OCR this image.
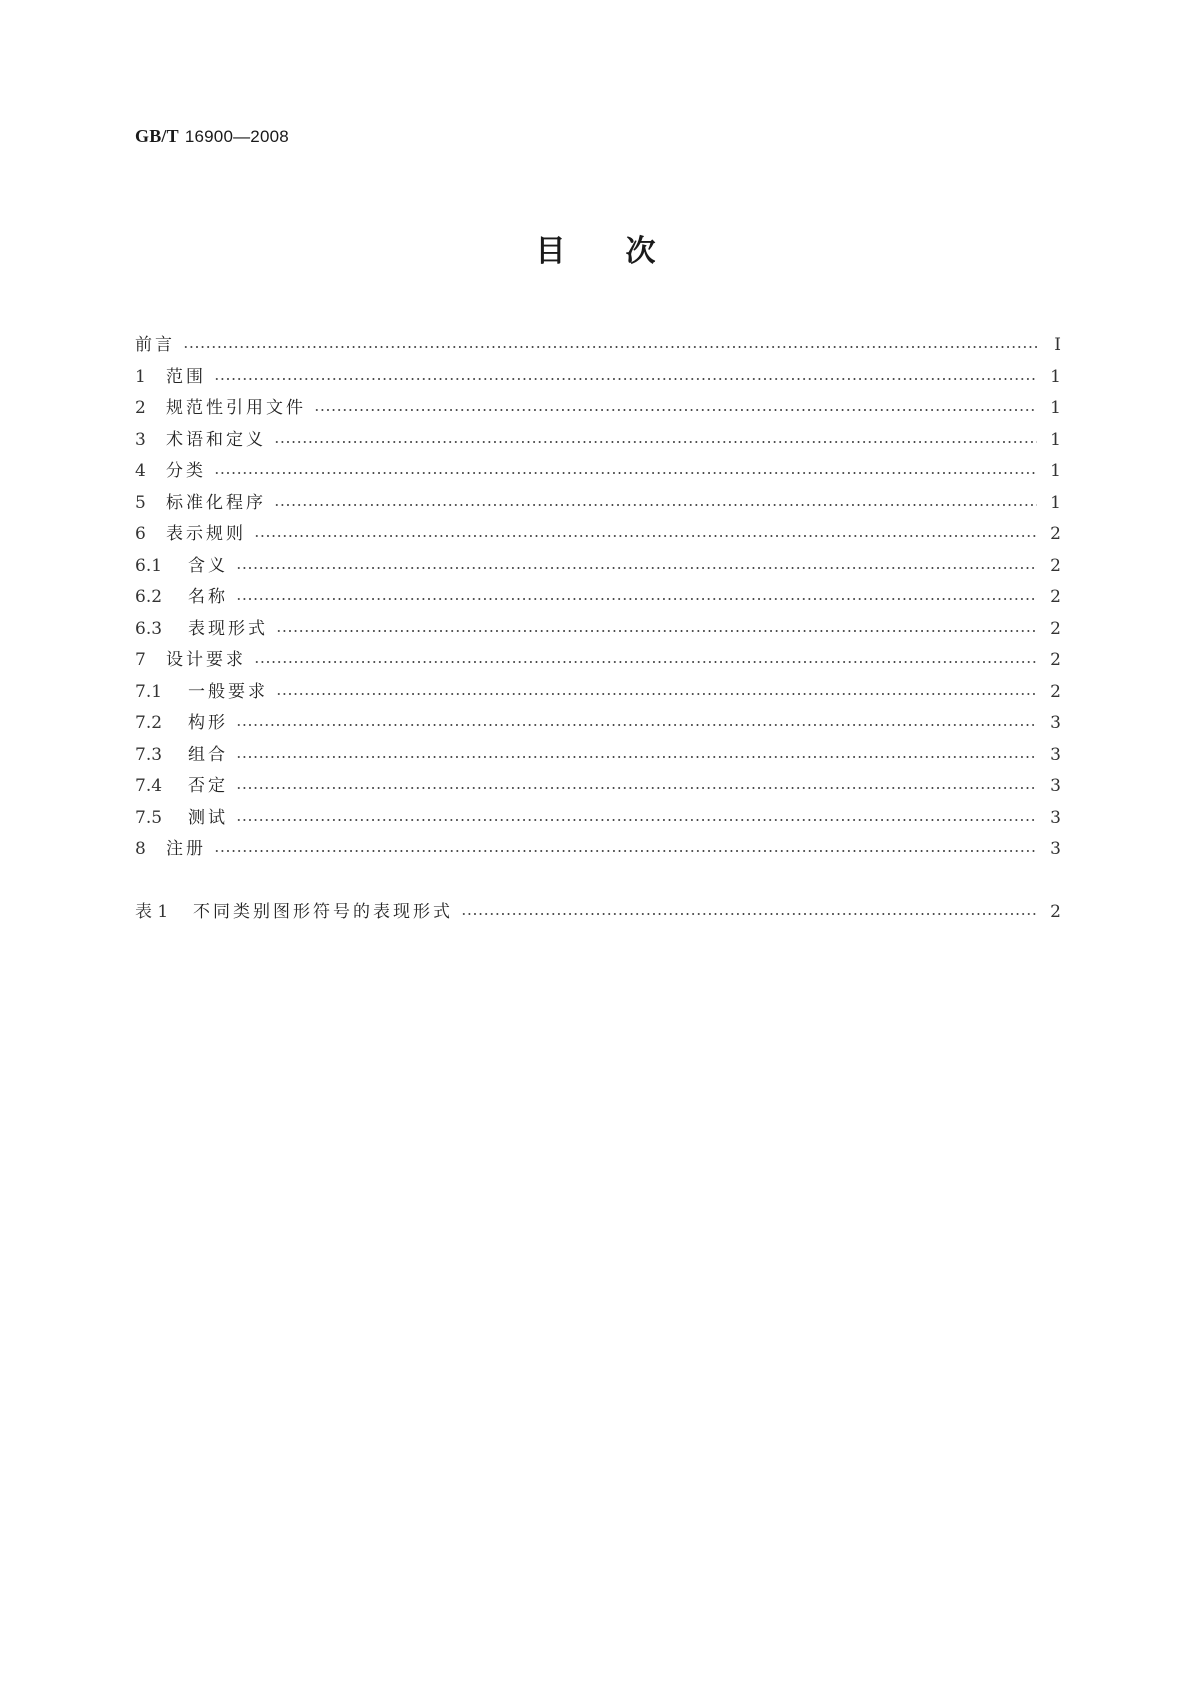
GB/T 16900—2008
目次
前言	Ⅰ
1	范围	1
2	规范性引用文件	1
3	术语和定义	1
4	分类	1
5	标准化程序	1
6	表示规则	2
6.1	含义	2
6.2	名称	2
6.3	表现形式	2
7	设计要求	2
7.1	一般要求	2
7.2	构形	3
7.3	组合	3
7.4	否定	3
7.5	测试	3
8	注册	3
表 1	不同类别图形符号的表现形式	2
